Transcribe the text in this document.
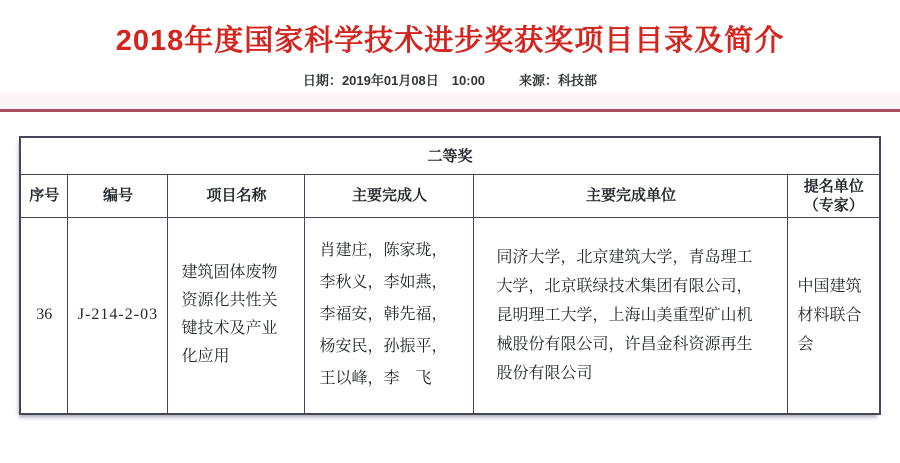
2018年度国家科学技术进步奖获奖项目目录及简介
日期：2019年01月08日　10:00	来源：科技部
二等奖					
序号	编号	项目名称	主要完成人	主要完成单位	提名单位
（专家）

36	J-214-2-03	建筑固体废物资源化共性关键技术及产业化应用	肖建庄，陈家珑，李秋义，李如燕，李福安，韩先福，杨安民，孙振平，王以峰，李　飞	同济大学，北京建筑大学，青岛理工大学，北京联绿技术集团有限公司，昆明理工大学，上海山美重型矿山机械股份有限公司，许昌金科资源再生股份有限公司	中国建筑材料联合会
